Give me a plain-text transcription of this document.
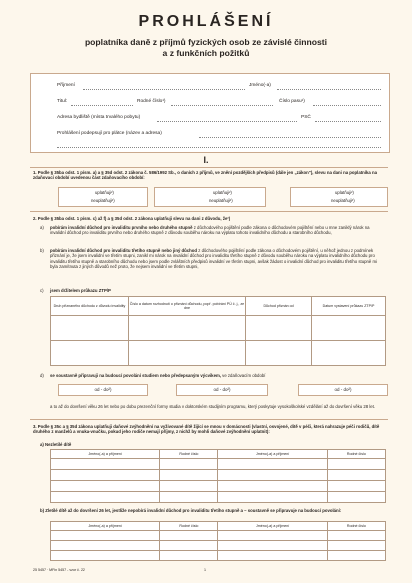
PROHLÁŠENÍ
poplatníka daně z příjmů fyzických osob ze závislé činnosti
a z funkčních požitků
Příjmení	Jméno(-a)
Titul:	Rodné číslo¹)	Číslo pasu¹)
Adresa bydliště (místa trvalého pobytu)	PSČ
Prohlášení podepsují pro plátce (název a adresa)
I.
1. Podle § 35ba odst. 1 písm. a) a § 35d odst. 2 zákona č. 586/1992 Sb., o daních z příjmů, ve znění pozdějších předpisů (dále jen „zákon"), slevu na dani na poplatníka na zdaňovací období uvedenou část zdaňovacího období:
uplatňuji²)
neuplatňuji²)
uplatňuji²)
neuplatňuji²)
uplatňuji²)
neuplatňuji²)
2. Podle § 35ba odst. 1 písm. c) až f) a § 35d odst. 2 zákona uplatňuji slevu na dani z důvodu, že²)
a)	pobírám invalidní důchod pro invaliditu prvního nebo druhého stupně z důchodového pojištění podle zákona o důchodovém pojištění nebo u mne zaniklý nárok na invalidní důchod pro invaliditu prvního nebo druhého stupně z důvodu souběhu nároku na výplatu tohoto invalidního důchodu a starobního důchodu,
b)	pobírám invalidní důchod pro invaliditu třetího stupně nebo jiný důchod z důchodového pojištění podle zákona o důchodovém pojištění, u něhož jednou z podmínek přiznání je, že jsem invalidní ve třetím stupni, zanikl mi nárok na invalidní důchod pro invaliditu třetího stupně z důvodu souběhu nároku na výplatu invalidního důchodu pro invaliditu třetího stupně a starobního důchodu nebo jsem podle zvláštních předpisů invalidní ve třetím stupni, avšak žádost o invalidní důchod pro invaliditu třetího stupně mi byla zamítnuta z jiných důvodů než proto, že nejsem invalidní ve třetím stupni,
c)	jsem držitelem průkazu ZTP/P
Druh přiznaného důchodu z důvodu invalidity	Číslo a datum rozhodnutí o přiznání důchodu, popř. pobírání PÚ č. j., ze dne	Důchod přiznán od	Datum vystavení průkazu ZTP/P

d)	se soustavně připravuji na budoucí povolání studiem nebo předepsaným výcvikem, ve zdaňovacím období
od - do²)	od - do²)	od - do²)
a to až do dovršení věku 26 let nebo po dobu prezenční formy studia v doktorském studijním programu, který poskytuje vysokoškolské vzdělání až do dovršení věku 28 let.
3. Podle § 35c a § 35d zákona uplatňuji daňové zvýhodnění na vyživované dítě žijící se mnou v domácnosti (vlastní, osvojené, dítě v péči, která nahrazuje péči rodičů, dítě druhého z manželů a vnuka-vnučku, pokud jeho rodiče nemají příjmy, z nichž by mohli daňové zvýhodnění uplatnit):
a) Nezletilé dítě
Jméno(-a) a příjmení	Rodné číslo	Jméno(-a) a příjmení	Rodné číslo

b) Zletilé dítě až do dovršení 26 let, jestliže nepobírá invalidní důchod pro invaliditu třetího stupně a – soustavně se připravuje na budoucí povolání:
Jméno(-a) a příjmení	Rodné číslo	Jméno(-a) a příjmení	Rodné číslo

25 5457 · MFin 5457 - vzor č. 22	1
